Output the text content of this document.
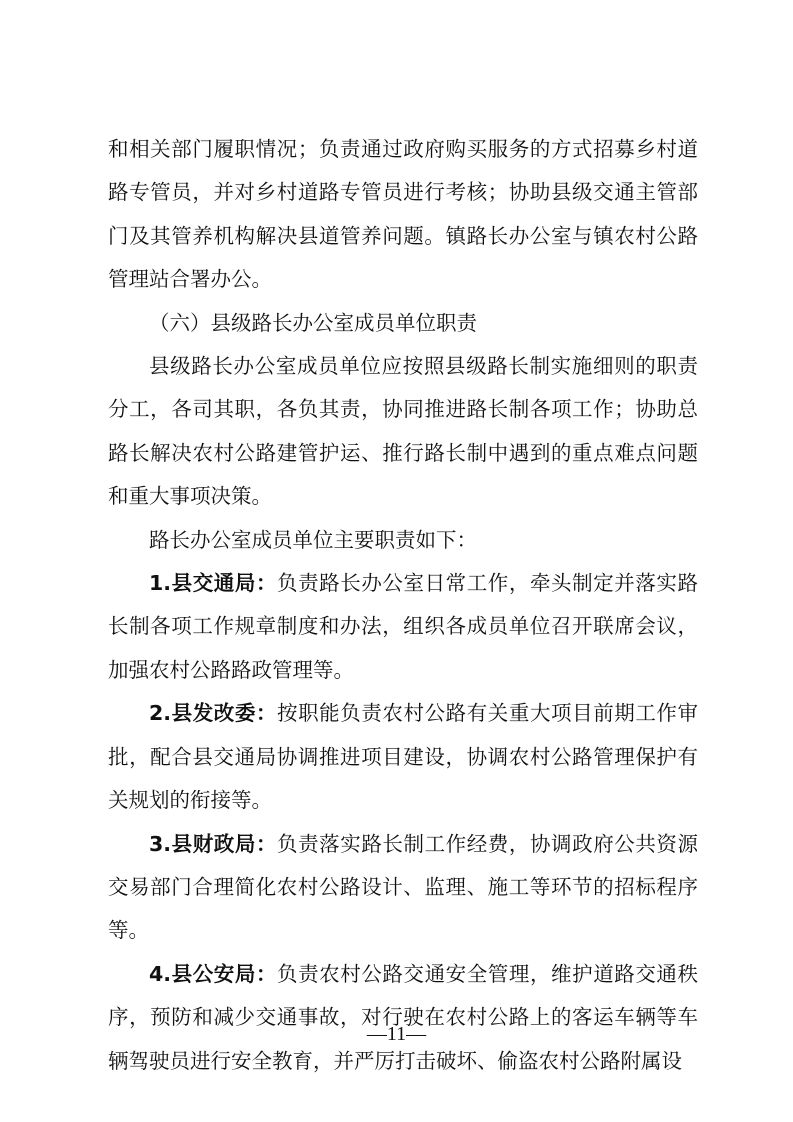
和相关部门履职情况；负责通过政府购买服务的方式招募乡村道路专管员，并对乡村道路专管员进行考核；协助县级交通主管部门及其管养机构解决县道管养问题。镇路长办公室与镇农村公路管理站合署办公。

（六）县级路长办公室成员单位职责

县级路长办公室成员单位应按照县级路长制实施细则的职责分工，各司其职，各负其责，协同推进路长制各项工作；协助总路长解决农村公路建管护运、推行路长制中遇到的重点难点问题和重大事项决策。

路长办公室成员单位主要职责如下：

1.县交通局：负责路长办公室日常工作，牵头制定并落实路长制各项工作规章制度和办法，组织各成员单位召开联席会议，加强农村公路路政管理等。

2.县发改委：按职能负责农村公路有关重大项目前期工作审批，配合县交通局协调推进项目建设，协调农村公路管理保护有关规划的衔接等。

3.县财政局：负责落实路长制工作经费，协调政府公共资源交易部门合理简化农村公路设计、监理、施工等环节的招标程序等。

4.县公安局：负责农村公路交通安全管理，维护道路交通秩序，预防和减少交通事故，对行驶在农村公路上的客运车辆等车辆驾驶员进行安全教育，并严厉打击破坏、偷盗农村公路附属设

—11—
